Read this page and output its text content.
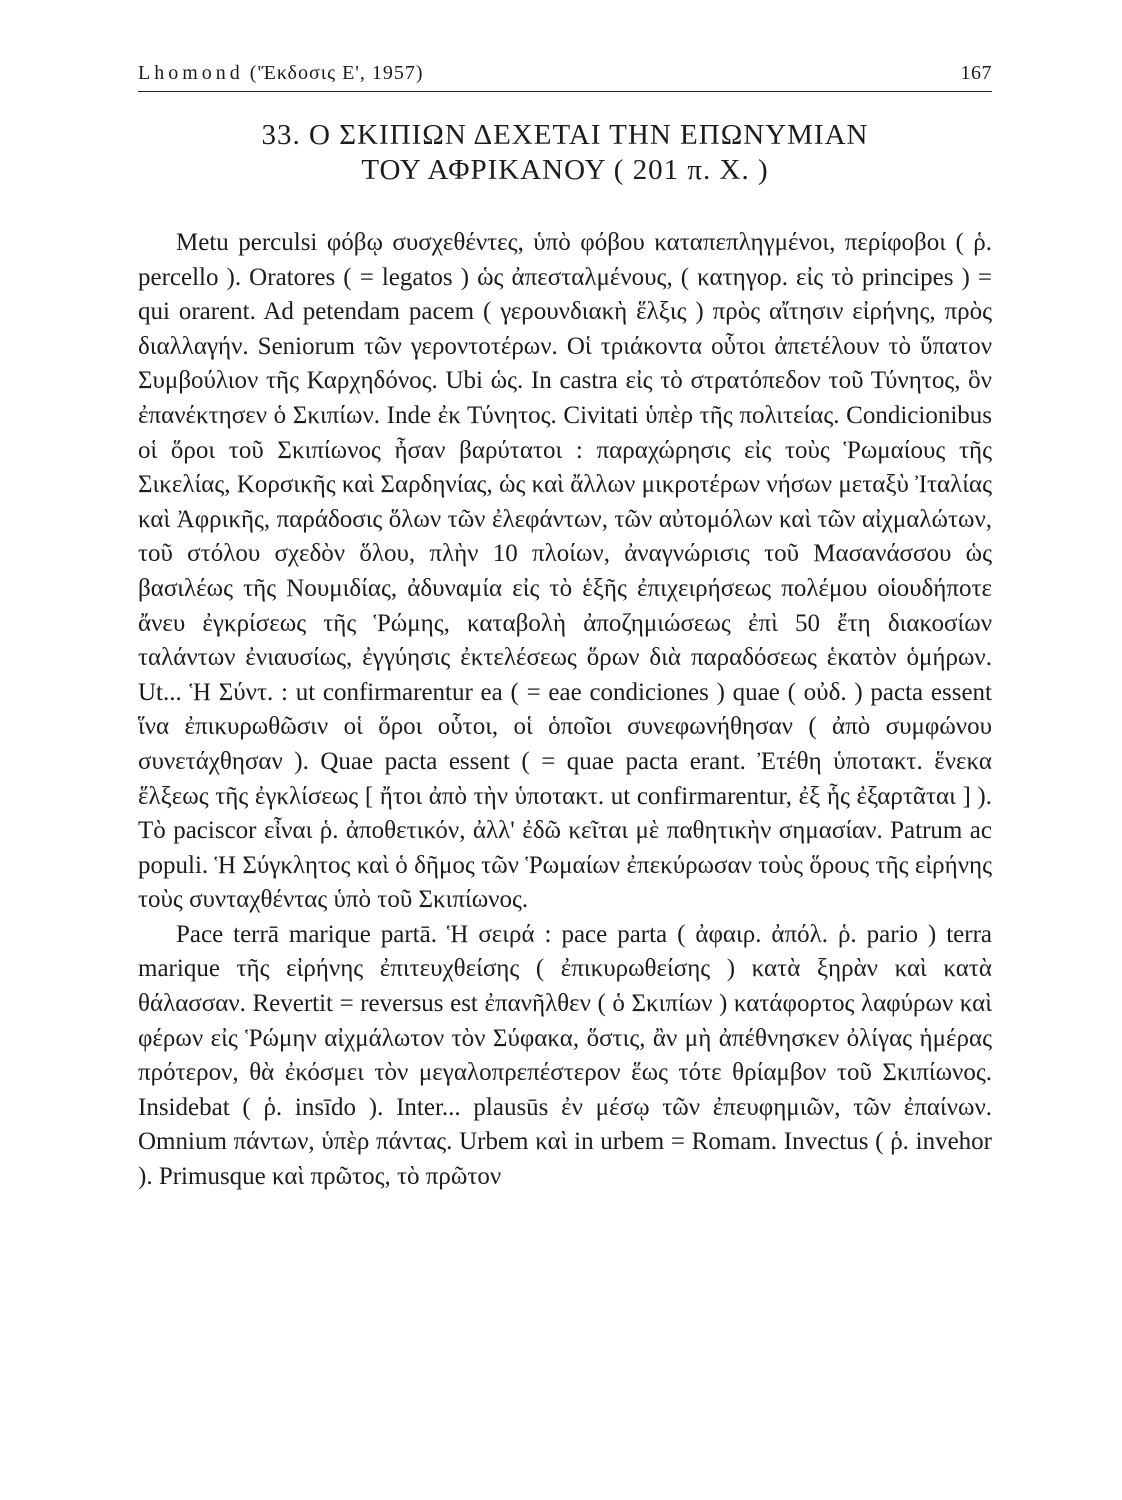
Lhomond ('Έκδοσις Ε', 1957)	167
33. Ο ΣΚΙΠΙΩΝ ΔΕΧΕΤΑΙ ΤΗΝ ΕΠΩΝΥΜΙΑΝ
ΤΟΥ ΑΦΡΙΚΑΝΟΥ ( 201 π. Χ. )

Metu perculsi φόβῳ συσχεθέντες, ὑπὸ φόβου καταπεπληγμένοι, περίφοβοι ( ῥ. percello ). Oratores ( = legatos ) ὡς ἀπεσταλμένους, ( κατηγορ. εἰς τὸ principes ) = qui orarent. Ad petendam pacem ( γερουνδιακὴ ἕλξις ) πρὸς αἴτησιν εἰρήνης, πρὸς διαλλαγήν. Seniorum τῶν γεροντοτέρων. Οἱ τριάκοντα οὗτοι ἀπετέλουν τὸ ὕπατον Συμβούλιον τῆς Καρχηδόνος. Ubi ὡς. In castra εἰς τὸ στρατόπεδον τοῦ Τύνητος, ὃν ἐπανέκτησεν ὁ Σκιπίων. Inde ἐκ Τύνητος. Civitati ὑπὲρ τῆς πολιτείας. Condicionibus οἱ ὅροι τοῦ Σκιπίωνος ἦσαν βαρύτατοι : παραχώρησις εἰς τοὺς Ῥωμαίους τῆς Σικελίας, Κορσικῆς καὶ Σαρδηνίας, ὡς καὶ ἄλλων μικροτέρων νήσων μεταξὺ Ἰταλίας καὶ Ἀφρικῆς, παράδοσις ὅλων τῶν ἐλεφάντων, τῶν αὐτομόλων καὶ τῶν αἰχμαλώτων, τοῦ στόλου σχεδὸν ὅλου, πλὴν 10 πλοίων, ἀναγνώρισις τοῦ Μασανάσσου ὡς βασιλέως τῆς Νουμιδίας, ἀδυναμία εἰς τὸ ἑξῆς ἐπιχειρήσεως πολέμου οἱουδήποτε ἄνευ ἐγκρίσεως τῆς Ῥώμης, καταβολὴ ἀποζημιώσεως ἐπὶ 50 ἔτη διακοσίων ταλάντων ἐνιαυσίως, ἐγγύησις ἐκτελέσεως ὅρων διὰ παραδόσεως ἑκατὸν ὁμήρων. Ut... Ἡ Σύντ. : ut confirmarentur ea ( = eae condiciones ) quae ( οὐδ. ) pacta essent ἵνα ἐπικυρωθῶσιν οἱ ὅροι οὗτοι, οἱ ὁποῖοι συνεφωνήθησαν ( ἀπὸ συμφώνου συνετάχθησαν ). Quae pacta essent ( = quae pacta erant. Ἐτέθη ὑποτακτ. ἕνεκα ἕλξεως τῆς ἐγκλίσεως [ ἤτοι ἀπὸ τὴν ὑποτακτ. ut confirmarentur, ἐξ ἧς ἐξαρτᾶται ] ). Τὸ paciscor εἶναι ῥ. ἀποθετικόν, ἀλλ' ἐδῶ κεῖται μὲ παθητικὴν σημασίαν. Patrum ac populi. Ἡ Σύγκλητος καὶ ὁ δῆμος τῶν Ῥωμαίων ἐπεκύρωσαν τοὺς ὅρους τῆς εἰρήνης τοὺς συνταχθέντας ὑπὸ τοῦ Σκιπίωνος.

Pace terrā marique partā. Ἡ σειρά : pace parta ( ἀφαιρ. ἀπόλ. ῥ. pario ) terra marique τῆς εἰρήνης ἐπιτευχθείσης ( ἐπικυρωθείσης ) κατὰ ξηρὰν καὶ κατὰ θάλασσαν. Revertit = reversus est ἐπανῆλθεν ( ὁ Σκιπίων ) κατάφορτος λαφύρων καὶ φέρων εἰς Ῥώμην αἰχμάλωτον τὸν Σύφακα, ὅστις, ἂν μὴ ἀπέθνησκεν ὀλίγας ἡμέρας πρότερον, θὰ ἐκόσμει τὸν μεγαλοπρεπέστερον ἕως τότε θρίαμβον τοῦ Σκιπίωνος. Insidebat ( ῥ. insīdo ). Inter... plausūs ἐν μέσῳ τῶν ἐπευφημιῶν, τῶν ἐπαίνων. Omnium πάντων, ὑπὲρ πάντας. Urbem καὶ in urbem = Romam. Invectus ( ῥ. invehor ). Primusque καὶ πρῶτος, τὸ πρῶτον
